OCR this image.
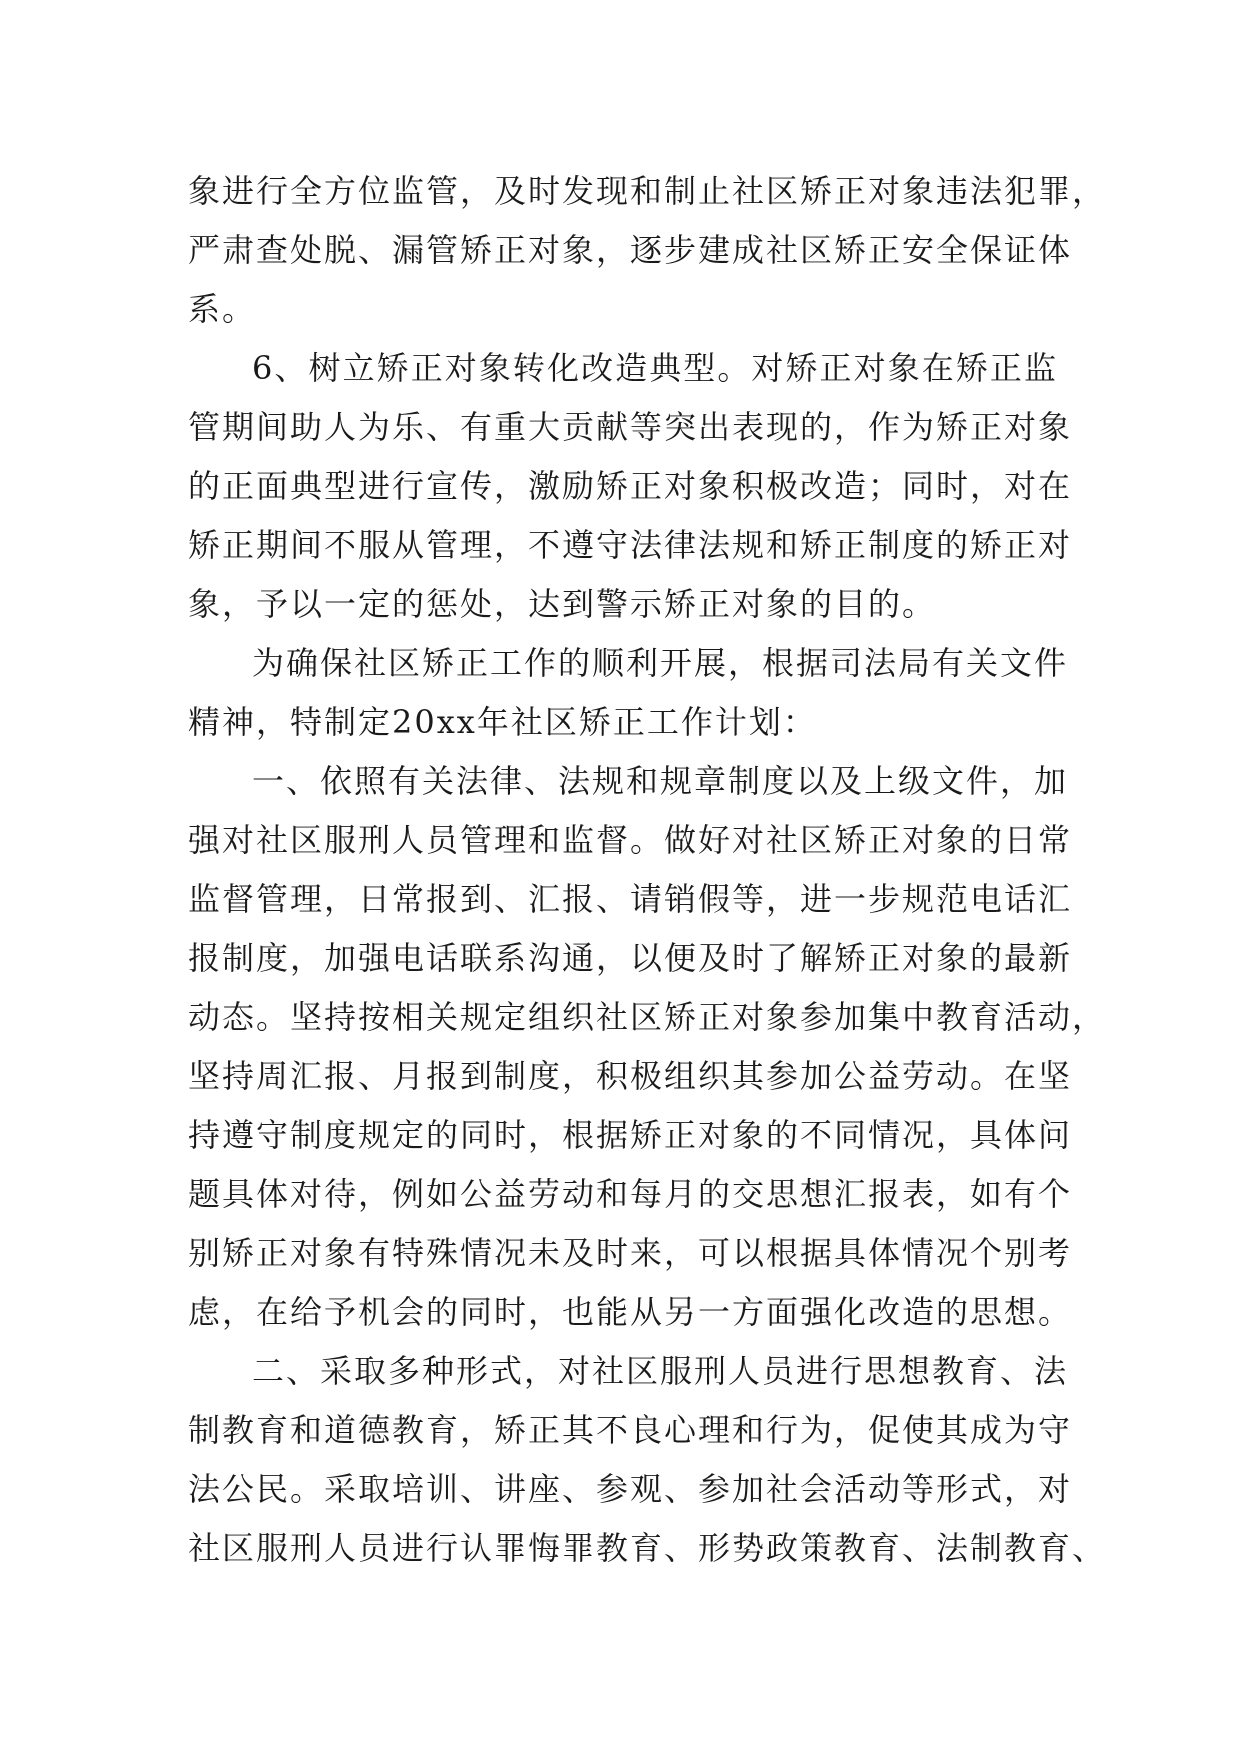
象进行全方位监管，及时发现和制止社区矫正对象违法犯罪，
严肃查处脱、漏管矫正对象，逐步建成社区矫正安全保证体
系。
6、树立矫正对象转化改造典型。对矫正对象在矫正监
管期间助人为乐、有重大贡献等突出表现的，作为矫正对象
的正面典型进行宣传，激励矫正对象积极改造；同时，对在
矫正期间不服从管理，不遵守法律法规和矫正制度的矫正对
象，予以一定的惩处，达到警示矫正对象的目的。
为确保社区矫正工作的顺利开展，根据司法局有关文件
精神，特制定20xx年社区矫正工作计划：
一、依照有关法律、法规和规章制度以及上级文件，加
强对社区服刑人员管理和监督。做好对社区矫正对象的日常
监督管理，日常报到、汇报、请销假等，进一步规范电话汇
报制度，加强电话联系沟通，以便及时了解矫正对象的最新
动态。坚持按相关规定组织社区矫正对象参加集中教育活动，
坚持周汇报、月报到制度，积极组织其参加公益劳动。在坚
持遵守制度规定的同时，根据矫正对象的不同情况，具体问
题具体对待，例如公益劳动和每月的交思想汇报表，如有个
别矫正对象有特殊情况未及时来，可以根据具体情况个别考
虑，在给予机会的同时，也能从另一方面强化改造的思想。
二、采取多种形式，对社区服刑人员进行思想教育、法
制教育和道德教育，矫正其不良心理和行为，促使其成为守
法公民。采取培训、讲座、参观、参加社会活动等形式，对
社区服刑人员进行认罪悔罪教育、形势政策教育、法制教育、
